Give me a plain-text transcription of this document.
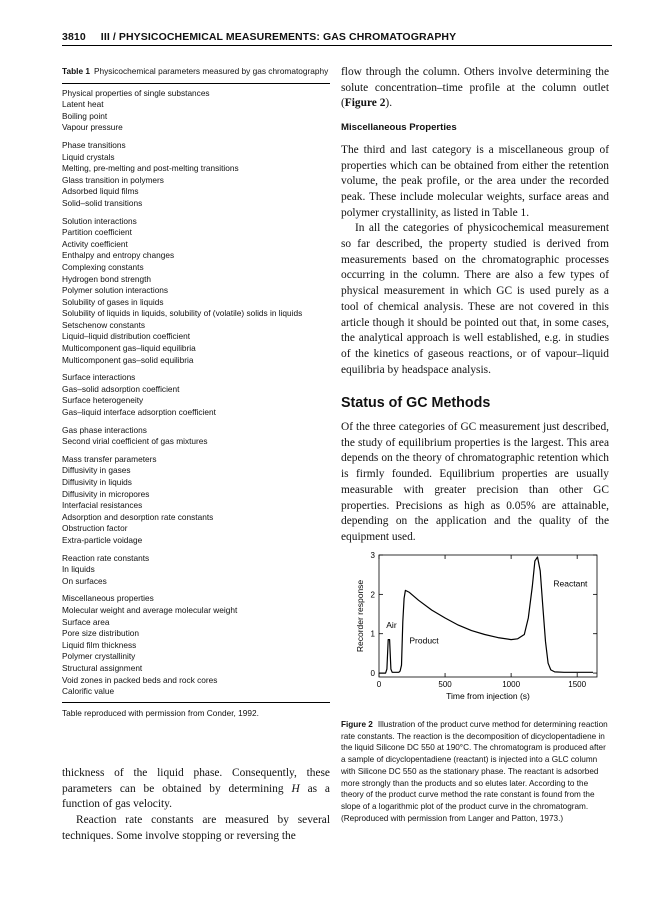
3810 III / PHYSICOCHEMICAL MEASUREMENTS: GAS CHROMATOGRAPHY
Table 1 Physicochemical parameters measured by gas chromatography
Physical properties of single substances
Latent heat
Boiling point
Vapour pressure
Phase transitions
Liquid crystals
Melting, pre-melting and post-melting transitions
Glass transition in polymers
Adsorbed liquid films
Solid–solid transitions
Solution interactions
Partition coefficient
Activity coefficient
Enthalpy and entropy changes
Complexing constants
Hydrogen bond strength
Polymer solution interactions
Solubility of gases in liquids
Solubility of liquids in liquids, solubility of (volatile) solids in liquids
Setschenow constants
Liquid–liquid distribution coefficient
Multicomponent gas–liquid equilibria
Multicomponent gas–solid equilibria
Surface interactions
Gas–solid adsorption coefficient
Surface heterogeneity
Gas–liquid interface adsorption coefficient
Gas phase interactions
Second virial coefficient of gas mixtures
Mass transfer parameters
Diffusivity in gases
Diffusivity in liquids
Diffusivity in micropores
Interfacial resistances
Adsorption and desorption rate constants
Obstruction factor
Extra-particle voidage
Reaction rate constants
In liquids
On surfaces
Miscellaneous properties
Molecular weight and average molecular weight
Surface area
Pore size distribution
Liquid film thickness
Polymer crystallinity
Structural assignment
Void zones in packed beds and rock cores
Calorific value
Table reproduced with permission from Conder, 1992.

thickness of the liquid phase. Consequently, these parameters can be obtained by determining H as a function of gas velocity.

Reaction rate constants are measured by several techniques. Some involve stopping or reversing the

flow through the column. Others involve determining the solute concentration–time profile at the column outlet (Figure 2).

Miscellaneous Properties

The third and last category is a miscellaneous group of properties which can be obtained from either the retention volume, the peak profile, or the area under the recorded peak. These include molecular weights, surface areas and polymer crystallinity, as listed in Table 1.

In all the categories of physicochemical measurement so far described, the property studied is derived from measurements based on the chromatographic processes occurring in the column. There are also a few types of physical measurement in which GC is used purely as a tool of chemical analysis. These are not covered in this article though it should be pointed out that, in some cases, the analytical approach is well established, e.g. in studies of the kinetics of gaseous reactions, or of vapour–liquid equilibria by headspace analysis.

Status of GC Methods

Of the three categories of GC measurement just described, the study of equilibrium properties is the largest. This area depends on the theory of chromatographic retention which is firmly founded. Equilibrium properties are usually measurable with greater precision than other GC properties. Precisions as high as 0.05% are attainable, depending on the application and the quality of the equipment used.

0
1
2
3
0	500	1000	1500
Time from injection (s)
Recorder response	Air
Product
Reactant
Figure 2 Illustration of the product curve method for determining reaction rate constants. The reaction is the decomposition of dicyclopentadiene in the liquid Silicone DC 550 at 190°C. The chromatogram is produced after a sample of dicyclopentadiene (reactant) is injected into a GLC column with Silicone DC 550 as the stationary phase. The reactant is adsorbed more strongly than the products and so elutes later. According to the theory of the product curve method the rate constant is found from the slope of a logarithmic plot of the product curve in the chromatogram. (Reproduced with permission from Langer and Patton, 1973.)
